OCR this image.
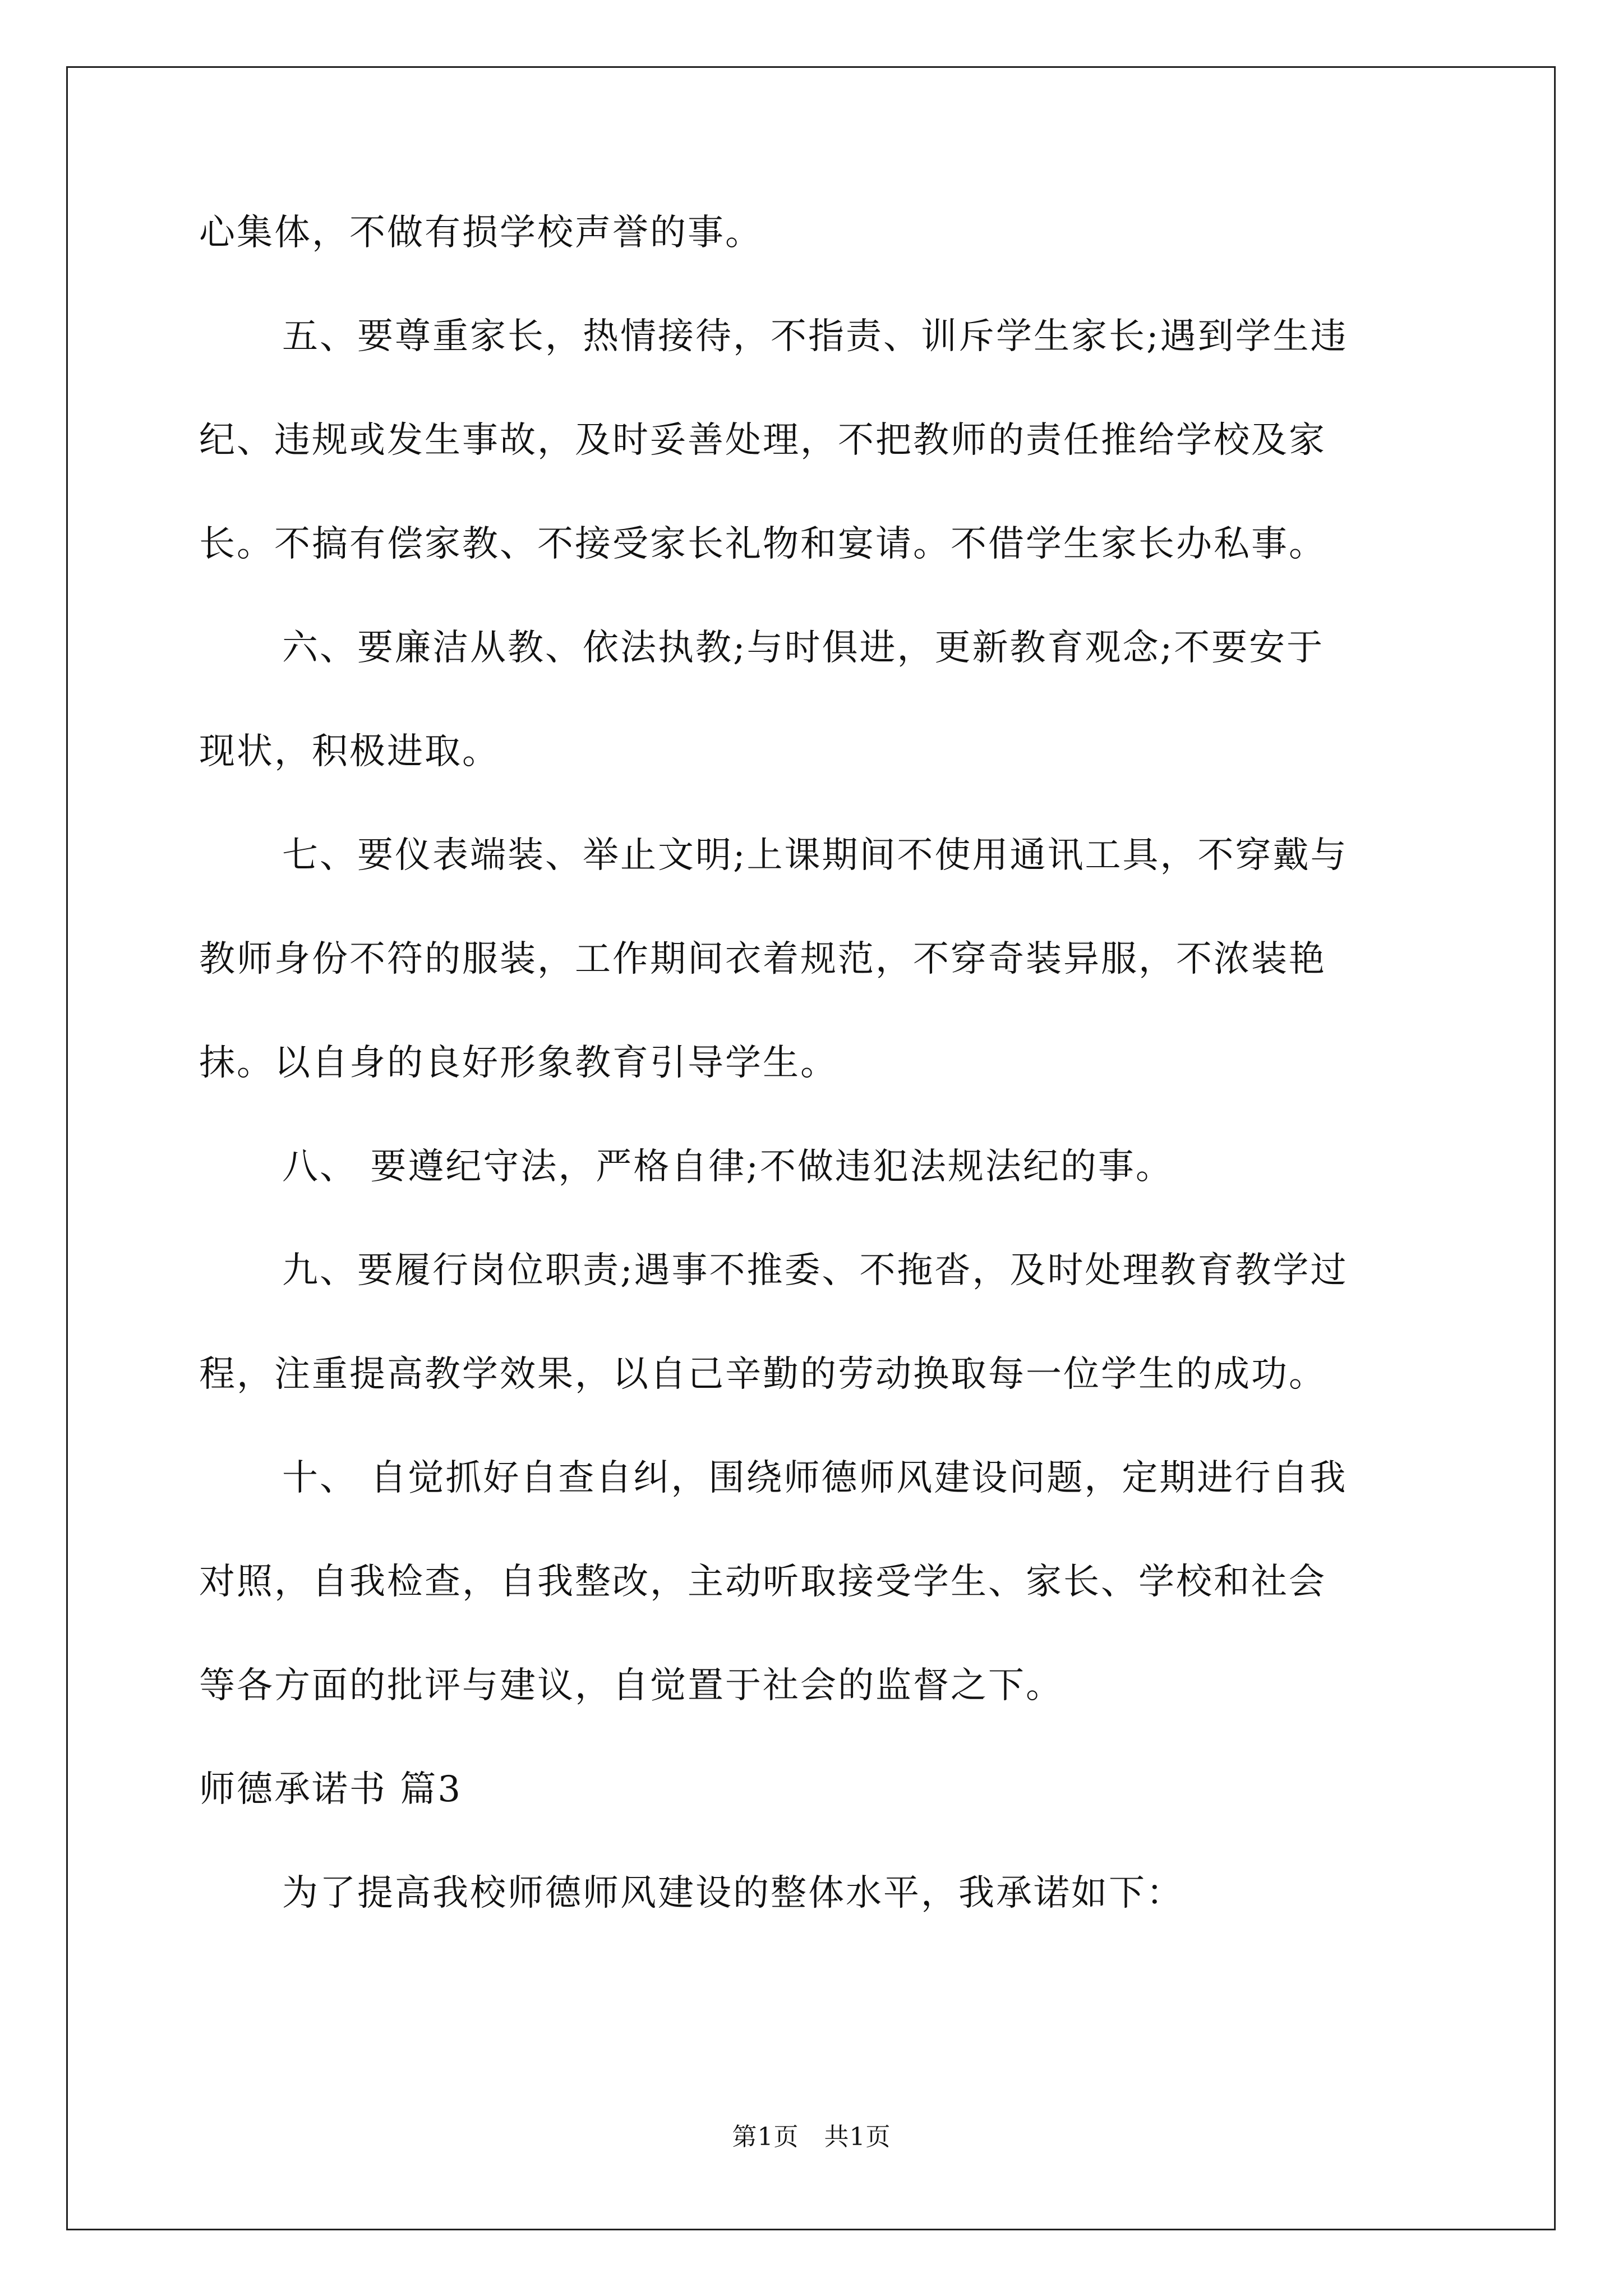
心集体，不做有损学校声誉的事。
五、要尊重家长，热情接待，不指责、训斥学生家长;遇到学生违
纪、违规或发生事故，及时妥善处理，不把教师的责任推给学校及家
长。不搞有偿家教、不接受家长礼物和宴请。不借学生家长办私事。
六、要廉洁从教、依法执教;与时俱进，更新教育观念;不要安于
现状，积极进取。
七、要仪表端装、举止文明;上课期间不使用通讯工具，不穿戴与
教师身份不符的服装，工作期间衣着规范，不穿奇装异服，不浓装艳
抹。以自身的良好形象教育引导学生。
八、 要遵纪守法，严格自律;不做违犯法规法纪的事。
九、要履行岗位职责;遇事不推委、不拖沓，及时处理教育教学过
程，注重提高教学效果，以自己辛勤的劳动换取每一位学生的成功。
十、 自觉抓好自查自纠，围绕师德师风建设问题，定期进行自我
对照，自我检查，自我整改，主动听取接受学生、家长、学校和社会
等各方面的批评与建议，自觉置于社会的监督之下。
师德承诺书 篇3
为了提高我校师德师风建设的整体水平，我承诺如下：
第1页　共1页
